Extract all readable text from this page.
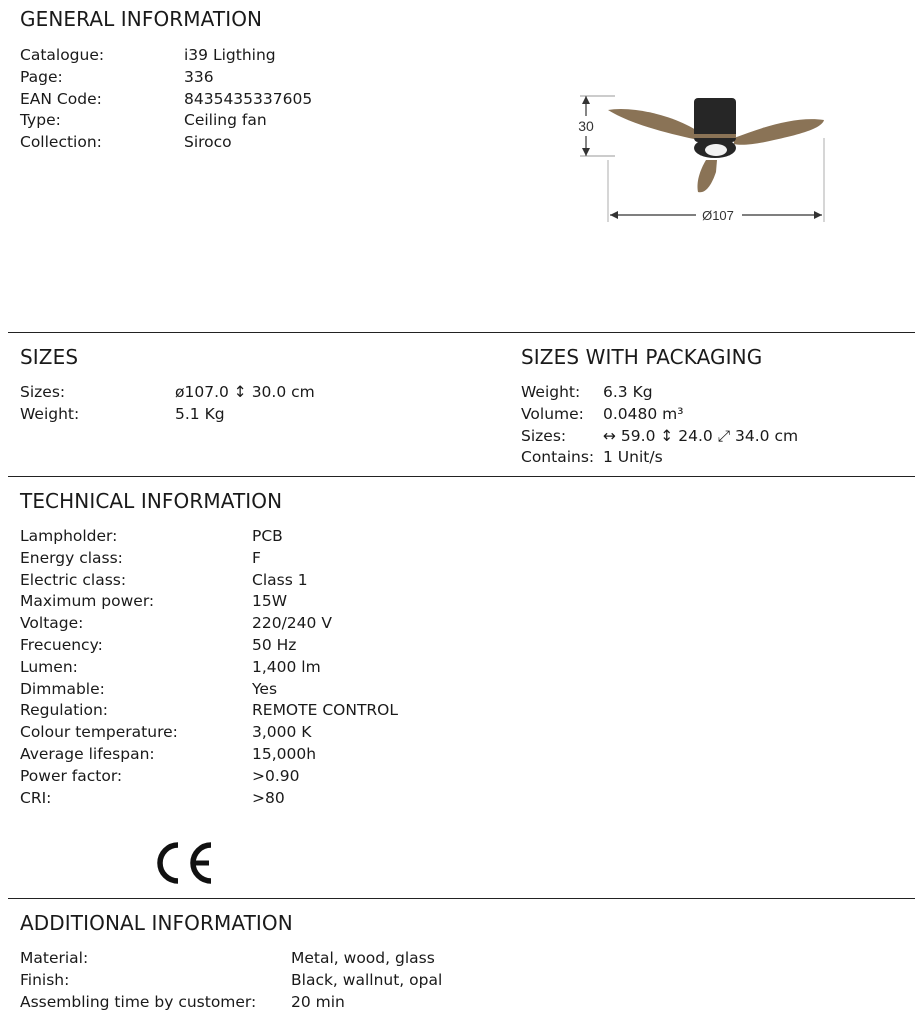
GENERAL INFORMATION
Catalogue:	i39 Ligthing
Page:	336
EAN Code:	8435435337605
Type:	Ceiling fan
Collection:	Siroco
30
Ø107
SIZES
Sizes:	ø107.0 ↕ 30.0 cm
Weight:	5.1 Kg
SIZES WITH PACKAGING
Weight: 6.3 Kg
Volume: 0.0480 m³
Sizes: ↔ 59.0 ↕ 24.0 ⤢ 34.0 cm
Contains: 1 Unit/s
TECHNICAL INFORMATION
Lampholder:	PCB
Energy class:	F
Electric class:	Class 1
Maximum power:	15W
Voltage:	220/240 V
Frecuency:	50 Hz
Lumen:	1,400 lm
Dimmable:	Yes
Regulation:	REMOTE CONTROL
Colour temperature:	3,000 K
Average lifespan:	15,000h
Power factor:	>0.90
CRI:	>80
ADDITIONAL INFORMATION
Material:	Metal, wood, glass
Finish:	Black, wallnut, opal
Assembling time by customer: 20 min
